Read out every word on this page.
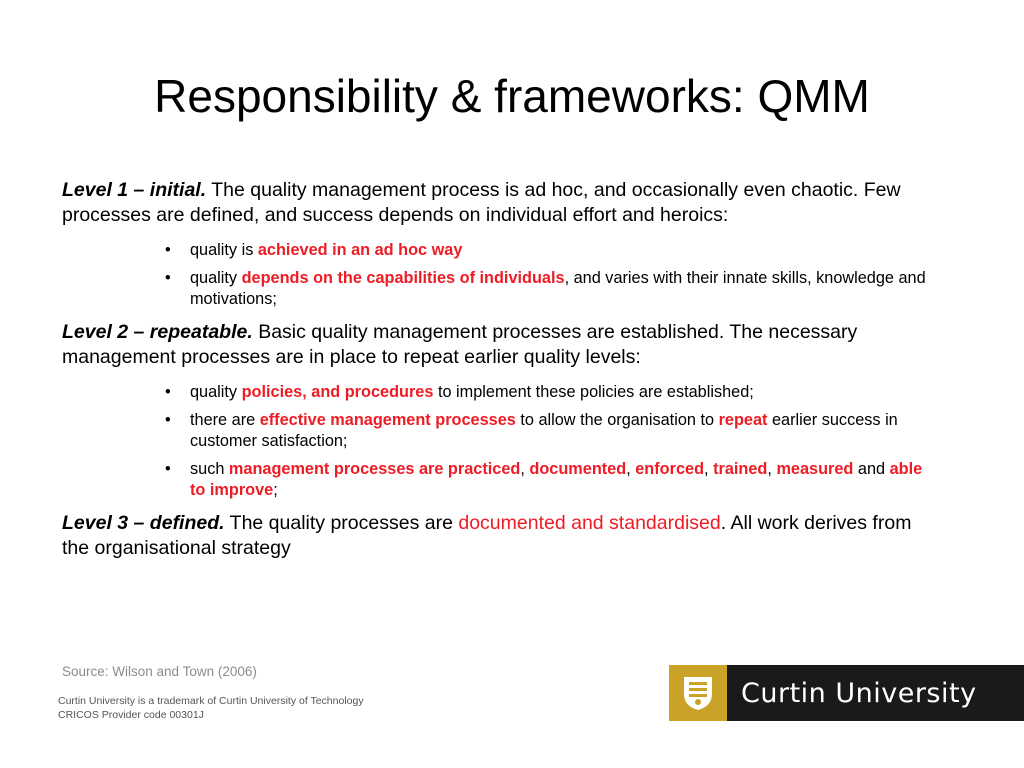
Responsibility & frameworks: QMM

Level 1 – initial. The quality management process is ad hoc, and occasionally even chaotic. Few processes are defined, and success depends on individual effort and heroics:

• quality is achieved in an ad hoc way
• quality depends on the capabilities of individuals, and varies with their innate skills, knowledge and motivations;

Level 2 – repeatable. Basic quality management processes are established. The necessary management processes are in place to repeat earlier quality levels:

• quality policies, and procedures to implement these policies are established;
• there are effective management processes to allow the organisation to repeat earlier success in customer satisfaction;
• such management processes are practiced, documented, enforced, trained, measured and able to improve;

Level 3 – defined. The quality processes are documented and standardised. All work derives from the organisational strategy

Source: Wilson and Town (2006)
Curtin University is a trademark of Curtin University of Technology
CRICOS Provider code 00301J
Curtin University
